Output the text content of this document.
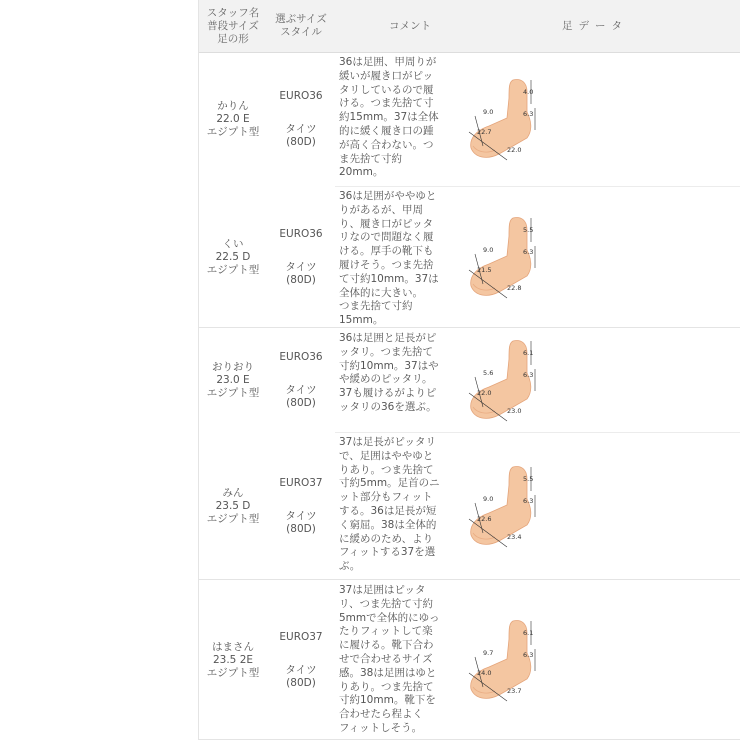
スタッフ名
普段サイズ
足の形
選ぶサイズ
スタイル
コメント	足データ
かりん
22.0 E
エジプト型
EURO36
タイツ
(80D)
36は足囲、甲周りが
緩いが履き口がピッ
タリしているので履
ける。つま先捨て寸
約15mm。37は全体
的に緩く履き口の踵
が高く合わない。つ
ま先捨て寸約
20mm。
9.0
4.0
6.3
22.7
22.0
くい
22.5 D
エジプト型
EURO36
タイツ
(80D)
36は足囲がややゆと
りがあるが、甲周
り、履き口がピッタ
リなので問題なく履
ける。厚手の靴下も
履けそう。つま先捨
て寸約10mm。37は
全体的に大きい。
つま先捨て寸約
15mm。
9.0
5.5
6.3
21.5
22.8
おりおり
23.0 E
エジプト型
EURO36
タイツ
(80D)
36は足囲と足長がピ
ッタリ。つま先捨て
寸約10mm。37はや
や緩めのピッタリ。
37も履けるがよりピ
ッタリの36を選ぶ。
5.6
6.1
6.3
22.0
23.0
みん
23.5 D
エジプト型
EURO37
タイツ
(80D)
37は足長がピッタリ
で、足囲はややゆと
りあり。つま先捨て
寸約5mm。足首のニ
ット部分もフィット
する。36は足長が短
く窮屈。38は全体的
に緩めのため、より
フィットする37を選
ぶ。
9.0
5.5
6.3
22.6
23.4
はまさん
23.5 2E
エジプト型
EURO37
タイツ
(80D)
37は足囲はピッタ
リ、つま先捨て寸約
5mmで全体的にゆっ
たりフィットして楽
に履ける。靴下合わ
せで合わせるサイズ
感。38は足囲はゆと
りあり。つま先捨て
寸約10mm。靴下を
合わせたら程よく
フィットしそう。
9.7
6.1
6.3
24.0
23.7
